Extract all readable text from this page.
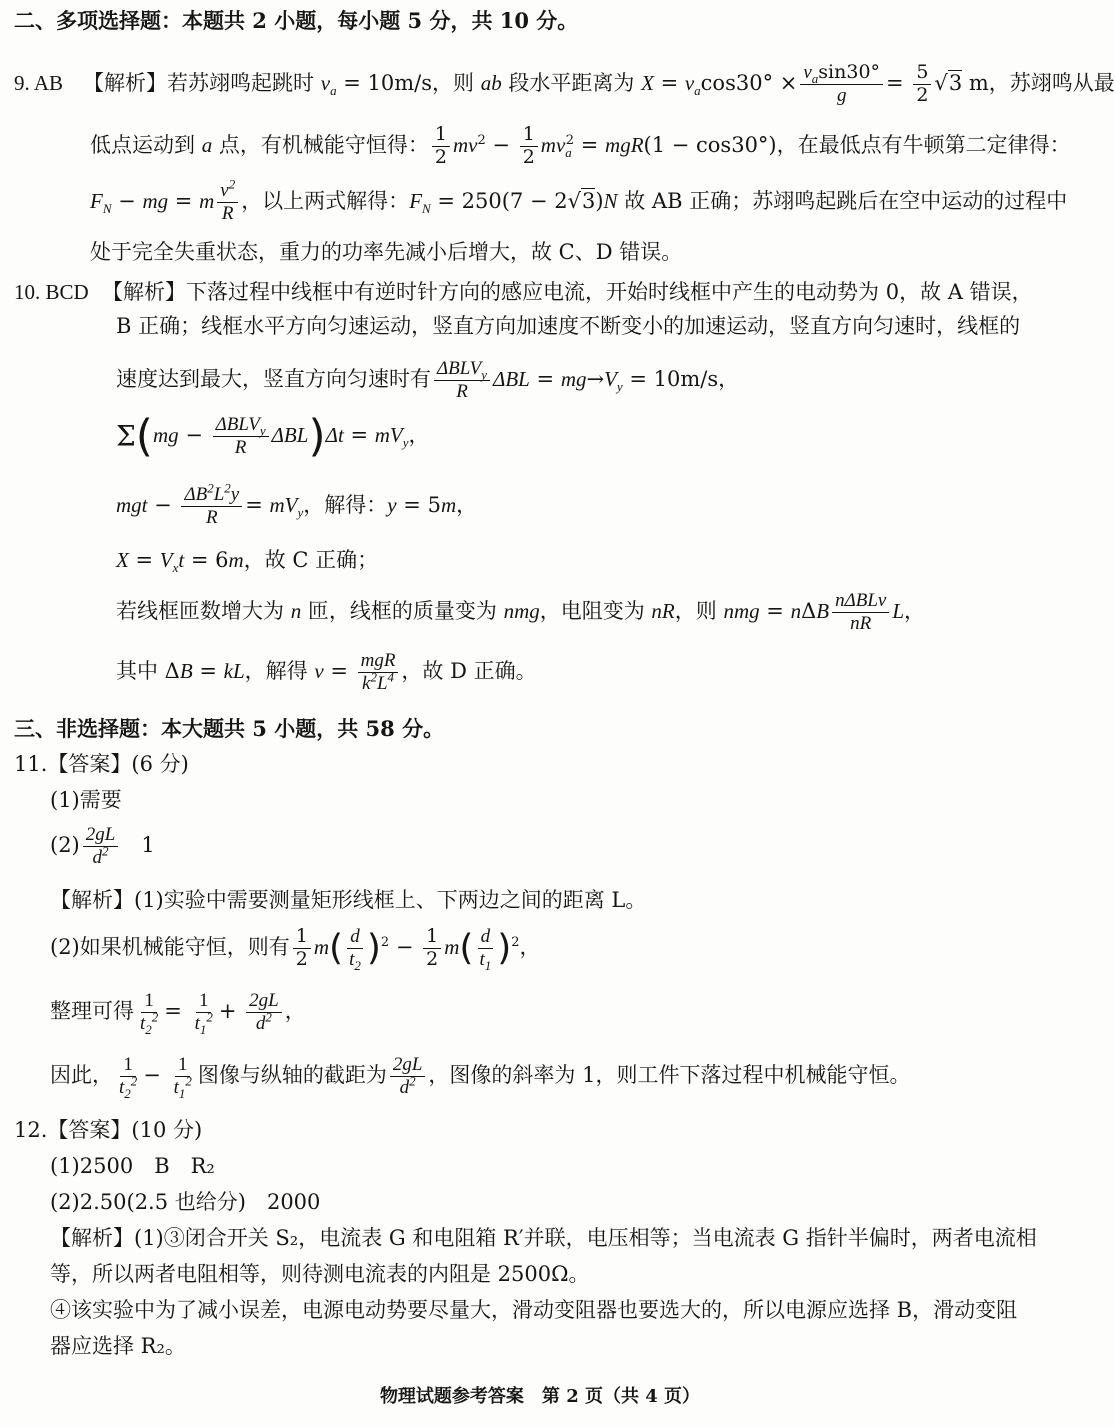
二、多项选择题：本题共 2 小题，每小题 5 分，共 10 分。
9. AB 【解析】若苏翊鸣起跳时 $v_a = 10m/s$，则 ab 段水平距离为 $X = v_a\cos 30^\circ \times \frac{v_a\sin 30^\circ}{g} = \frac{5}{2} √3$ m，苏翊鸣从最
低点运动到 a 点，有机械能守恒得： $\frac{1}{2} mv^2 - \frac{1}{2} mv_a^2 = mgR(1 - \cos 30^\circ)$，在最低点有牛顿第二定律得：
$F_N$ − mg = m $\frac{v^2}{R}$ ，以上两式解得：$F_N = 250(7 - 2√3)N$ 故 AB 正确；苏翊鸣起跳后在空中运动的过程中
处于完全失重状态，重力的功率先减小后增大，故 C、D 错误。
10. BCD 【解析】下落过程中线框中有逆时针方向的感应电流，开始时线框中产生的电动势为 0，故 A 错误，
B 正确；线框水平方向匀速运动，竖直方向加速度不断变小的加速运动，竖直方向匀速时，线框的
速度达到最大，竖直方向匀速时有 $\frac{\Delta BLV_y}{R}$ $\Delta BL = mg\to V_y = 10m/s$，
$\Sigma(mg - \frac{\Delta BLV_y}{R} \Delta BL)\Delta t = mV_y$，
mgt − $\frac{\Delta B^2L^2y}{R} = mV_y$，解得：y = 5m，
$X = V_xt = 6m$，故 C 正确；
若线框匝数增大为 n 匝，线框的质量变为 nmg，电阻变为 nR，则 nmg = nΔB $\frac{\text{nΔBLv}}{nR}$ L，
其中 ΔB = kL，解得 $v = \frac{\text{mgR}}{k^2L^4}$ ，故 D 正确。
三、非选择题：本大题共 5 小题，共 58 分。
11.【答案】(6 分)
(1)需要
$(2) \frac{2gL}{d^2} 1$
【解析】(1)实验中需要测量矩形线框上、下两边之间的距离 L。
(2)如果机械能守恒，则有 $\frac{1}{2} m( \frac{d}{t_2} )^2 - \frac{1}{2} m( \frac{d}{t_1} )^2$，
整理可得 $\frac{1}{t_2^2} = \frac{1}{t_1^2} + \frac{2gL}{d^2}$ ，
因此， $\frac{1}{t_2^2} - \frac{1}{t_1^2}$ 图像与纵轴的截距为 $\frac{2gL}{d^2}$ ，图像的斜率为 1，则工件下落过程中机械能守恒。
12.【答案】(10 分)
(1)2500　B　R₂
(2)2.50(2.5 也给分)　2000
【解析】(1)③闭合开关 S₂，电流表 G 和电阻箱 R′并联，电压相等；当电流表 G 指针半偏时，两者电流相
等，所以两者电阻相等，则待测电流表的内阻是 2500Ω。
④该实验中为了减小误差，电源电动势要尽量大，滑动变阻器也要选大的，所以电源应选择 B，滑动变阻
器应选择 R₂。
物理试题参考答案　第 2 页（共 4 页）
